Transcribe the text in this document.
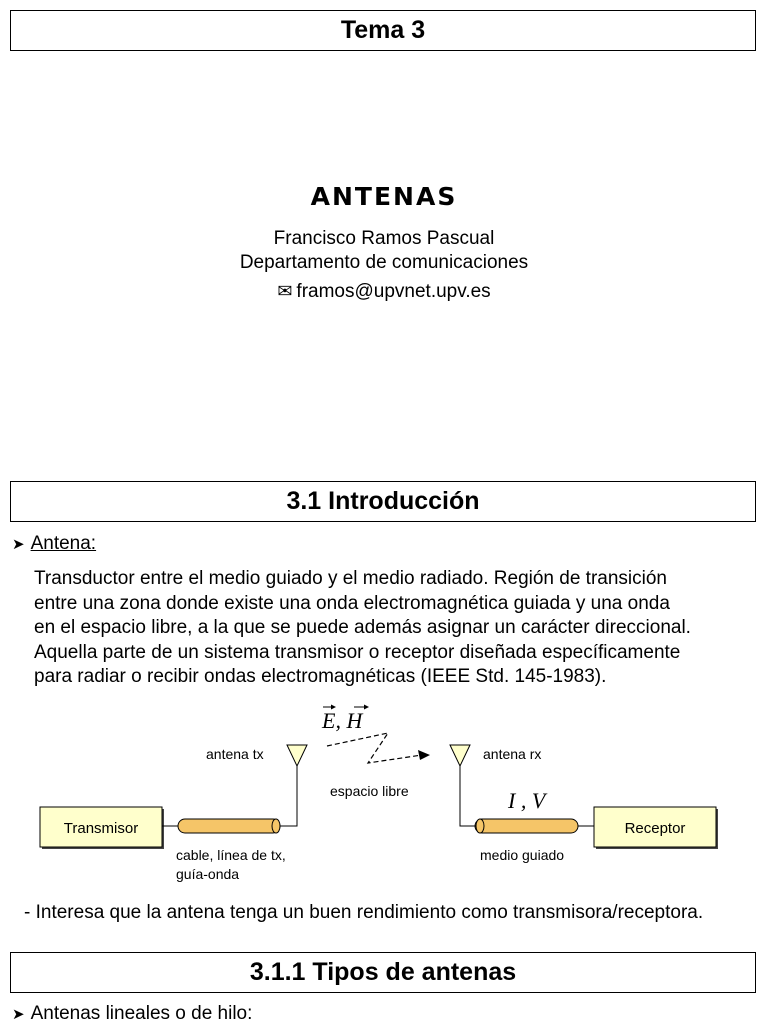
Tema 3
ANTENAS
Francisco Ramos Pascual
Departamento de comunicaciones
✉ framos@upvnet.upv.es
3.1 Introducción
➤ Antena:
Transductor entre el medio guiado y el medio radiado. Región de transición
entre una zona donde existe una onda electromagnética guiada y una onda
en el espacio libre, a la que se puede además asignar un carácter direccional.
Aquella parte de un sistema transmisor o receptor diseñada específicamente
para radiar o recibir ondas electromagnéticas (IEEE Std. 145-1983).
Transmisor	Receptor
antena tx	antena rx
espacio libre
E, H
I , V
cable, línea de tx,
guía-onda
medio guiado
- Interesa que la antena tenga un buen rendimiento como transmisora/receptora.
3.1.1 Tipos de antenas
➤ Antenas lineales o de hilo:
